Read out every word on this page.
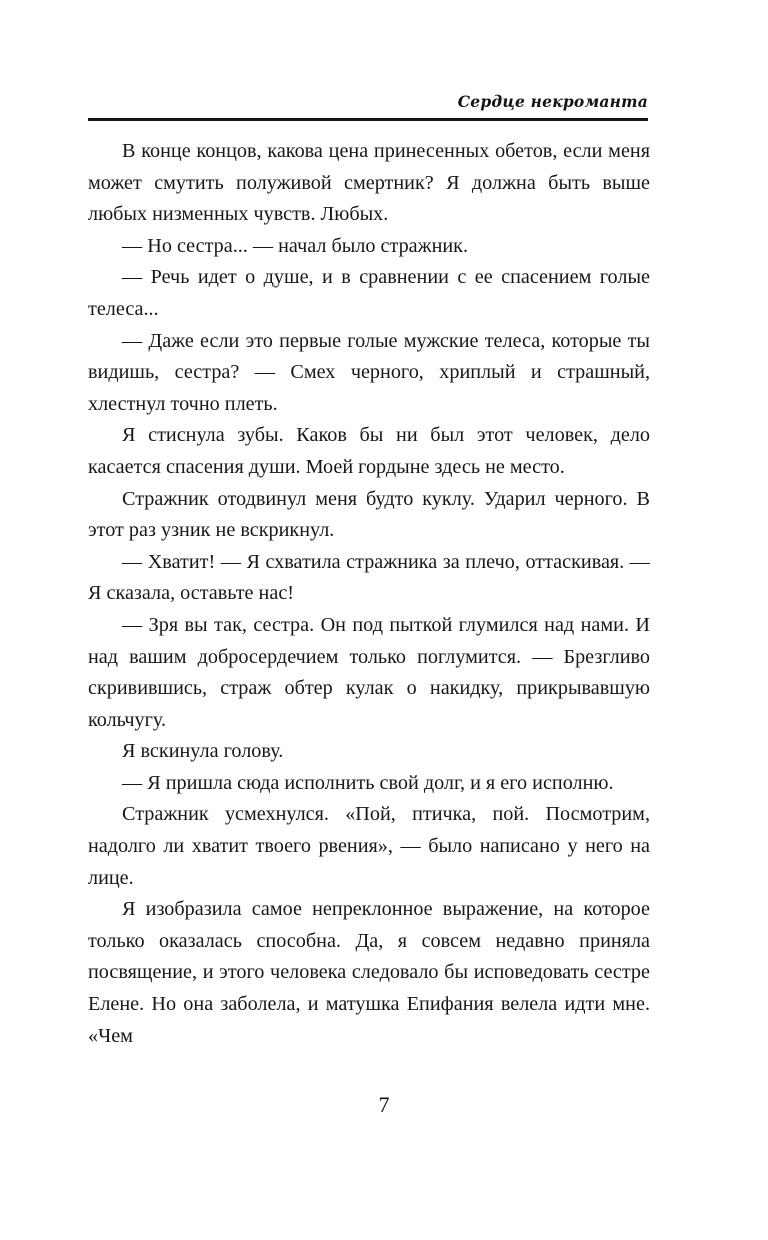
Сердце некроманта

В конце концов, какова цена принесенных обетов, если меня может смутить полуживой смертник? Я должна быть выше любых низменных чувств. Любых.

— Но сестра... — начал было стражник.

— Речь идет о душе, и в сравнении с ее спасением голые телеса...

— Даже если это первые голые мужские телеса, которые ты видишь, сестра? — Смех черного, хриплый и страшный, хлестнул точно плеть.

Я стиснула зубы. Каков бы ни был этот человек, дело касается спасения души. Моей гордыне здесь не место.

Стражник отодвинул меня будто куклу. Ударил черного. В этот раз узник не вскрикнул.

— Хватит! — Я схватила стражника за плечо, оттаскивая. — Я сказала, оставьте нас!

— Зря вы так, сестра. Он под пыткой глумился над нами. И над вашим добросердечием только поглумится. — Брезгливо скривившись, страж обтер кулак о накидку, прикрывавшую кольчугу.

Я вскинула голову.

— Я пришла сюда исполнить свой долг, и я его исполню.

Стражник усмехнулся. «Пой, птичка, пой. Посмотрим, надолго ли хватит твоего рвения», — было написано у него на лице.

Я изобразила самое непреклонное выражение, на которое только оказалась способна. Да, я совсем недавно приняла посвящение, и этого человека следовало бы исповедовать сестре Елене. Но она заболела, и матушка Епифания велела идти мне. «Чем

7
